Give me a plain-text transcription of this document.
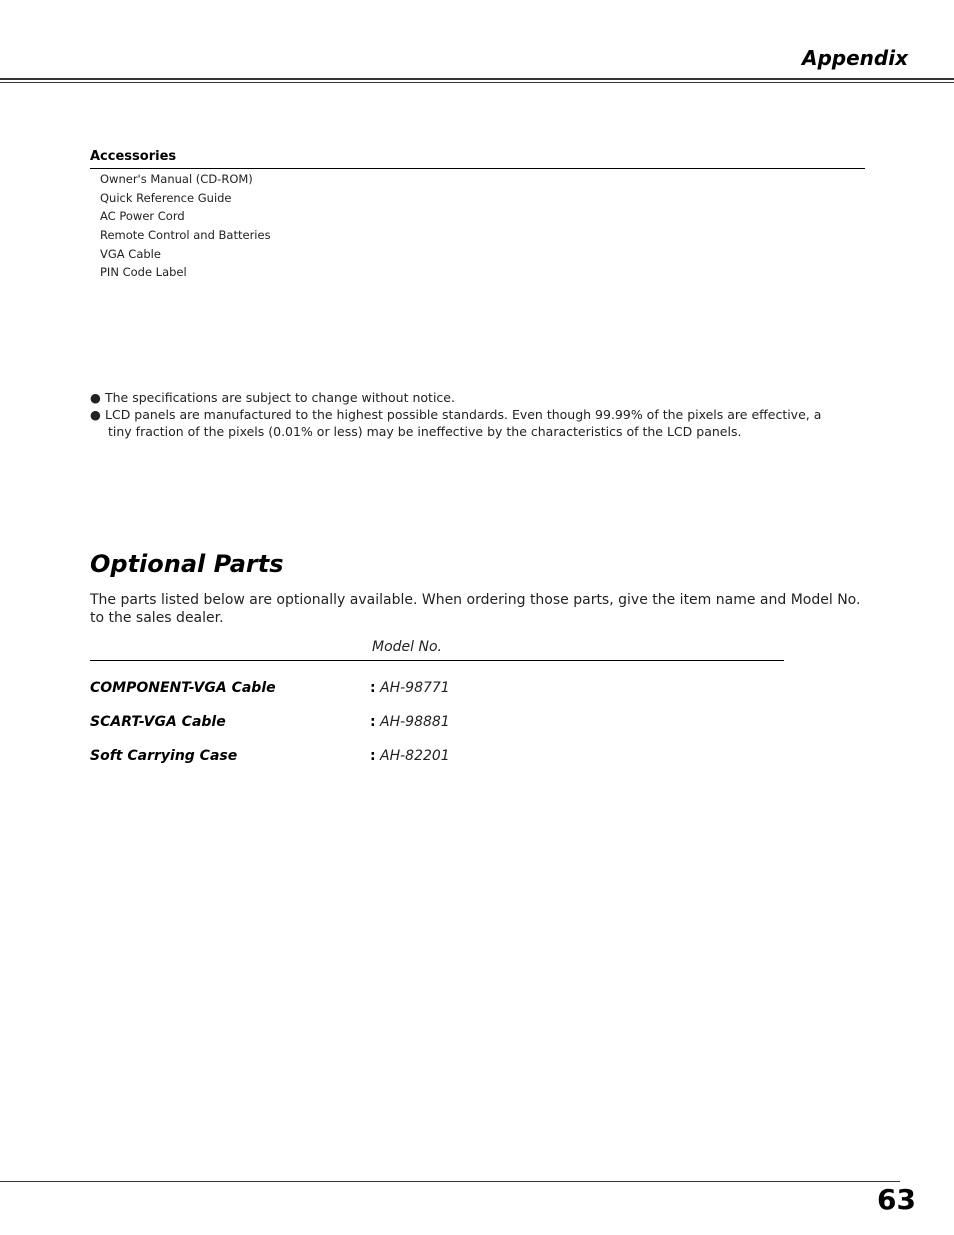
Appendix
Accessories
Owner's Manual (CD-ROM)
Quick Reference Guide
AC Power Cord
Remote Control and Batteries
VGA Cable
PIN Code Label
● The specifications are subject to change without notice.
● LCD panels are manufactured to the highest possible standards. Even though 99.99% of the pixels are effective, a
tiny fraction of the pixels (0.01% or less) may be ineffective by the characteristics of the LCD panels.
Optional Parts
The parts listed below are optionally available. When ordering those parts, give the item name and Model No. to the sales dealer.
Model No.
COMPONENT-VGA Cable	: AH-98771
SCART-VGA Cable	: AH-98881
Soft Carrying Case	: AH-82201
63
